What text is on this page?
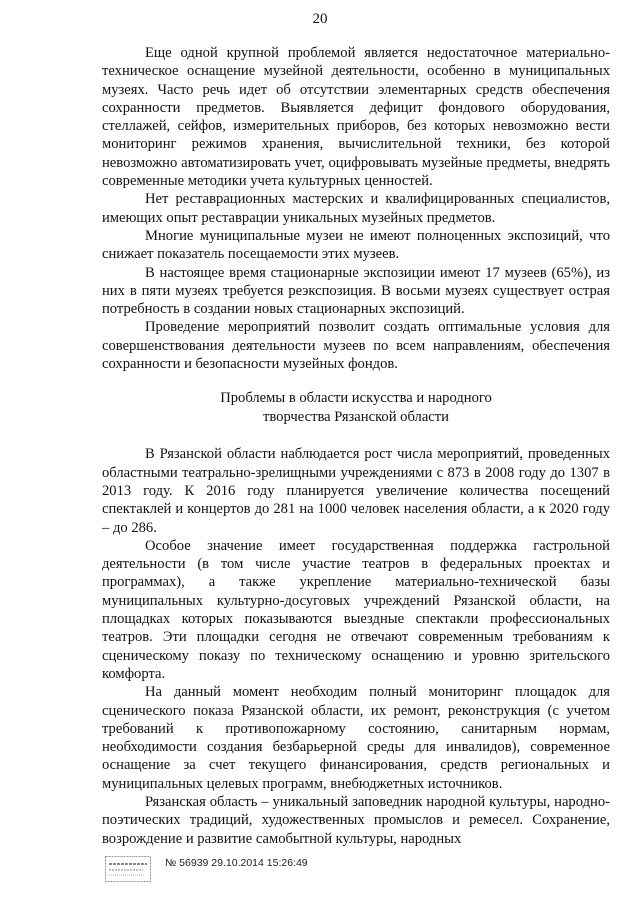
20

Еще одной крупной проблемой является недостаточное материально-техническое оснащение музейной деятельности, особенно в муниципальных музеях. Часто речь идет об отсутствии элементарных средств обеспечения сохранности предметов. Выявляется дефицит фондового оборудования, стеллажей, сейфов, измерительных приборов, без которых невозможно вести мониторинг режимов хранения, вычислительной техники, без которой невозможно автоматизировать учет, оцифровывать музейные предметы, внедрять современные методики учета культурных ценностей.

Нет реставрационных мастерских и квалифицированных специалистов, имеющих опыт реставрации уникальных музейных предметов.

Многие муниципальные музеи не имеют полноценных экспозиций, что снижает показатель посещаемости этих музеев.

В настоящее время стационарные экспозиции имеют 17 музеев (65%), из них в пяти музеях требуется реэкспозиция. В восьми музеях существует острая потребность в создании новых стационарных экспозиций.

Проведение мероприятий позволит создать оптимальные условия для совершенствования деятельности музеев по всем направлениям, обеспечения сохранности и безопасности музейных фондов.

Проблемы в области искусства и народного
творчества Рязанской области

В Рязанской области наблюдается рост числа мероприятий, проведенных областными театрально-зрелищными учреждениями с 873 в 2008 году до 1307 в 2013 году. К 2016 году планируется увеличение количества посещений спектаклей и концертов до 281 на 1000 человек населения области, а к 2020 году – до 286.

Особое значение имеет государственная поддержка гастрольной деятельности (в том числе участие театров в федеральных проектах и программах), а также укрепление материально-технической базы муниципальных культурно-досуговых учреждений Рязанской области, на площадках которых показываются выездные спектакли профессиональных театров. Эти площадки сегодня не отвечают современным требованиям к сценическому показу по техническому оснащению и уровню зрительского комфорта.

На данный момент необходим полный мониторинг площадок для сценического показа Рязанской области, их ремонт, реконструкция (с учетом требований к противопожарному состоянию, санитарным нормам, необходимости создания безбарьерной среды для инвалидов), современное оснащение за счет текущего финансирования, средств региональных и муниципальных целевых программ, внебюджетных источников.

Рязанская область – уникальный заповедник народной культуры, народно-поэтических традиций, художественных промыслов и ремесел. Сохранение, возрождение и развитие самобытной культуры, народных

№ 56939 29.10.2014 15:26:49
